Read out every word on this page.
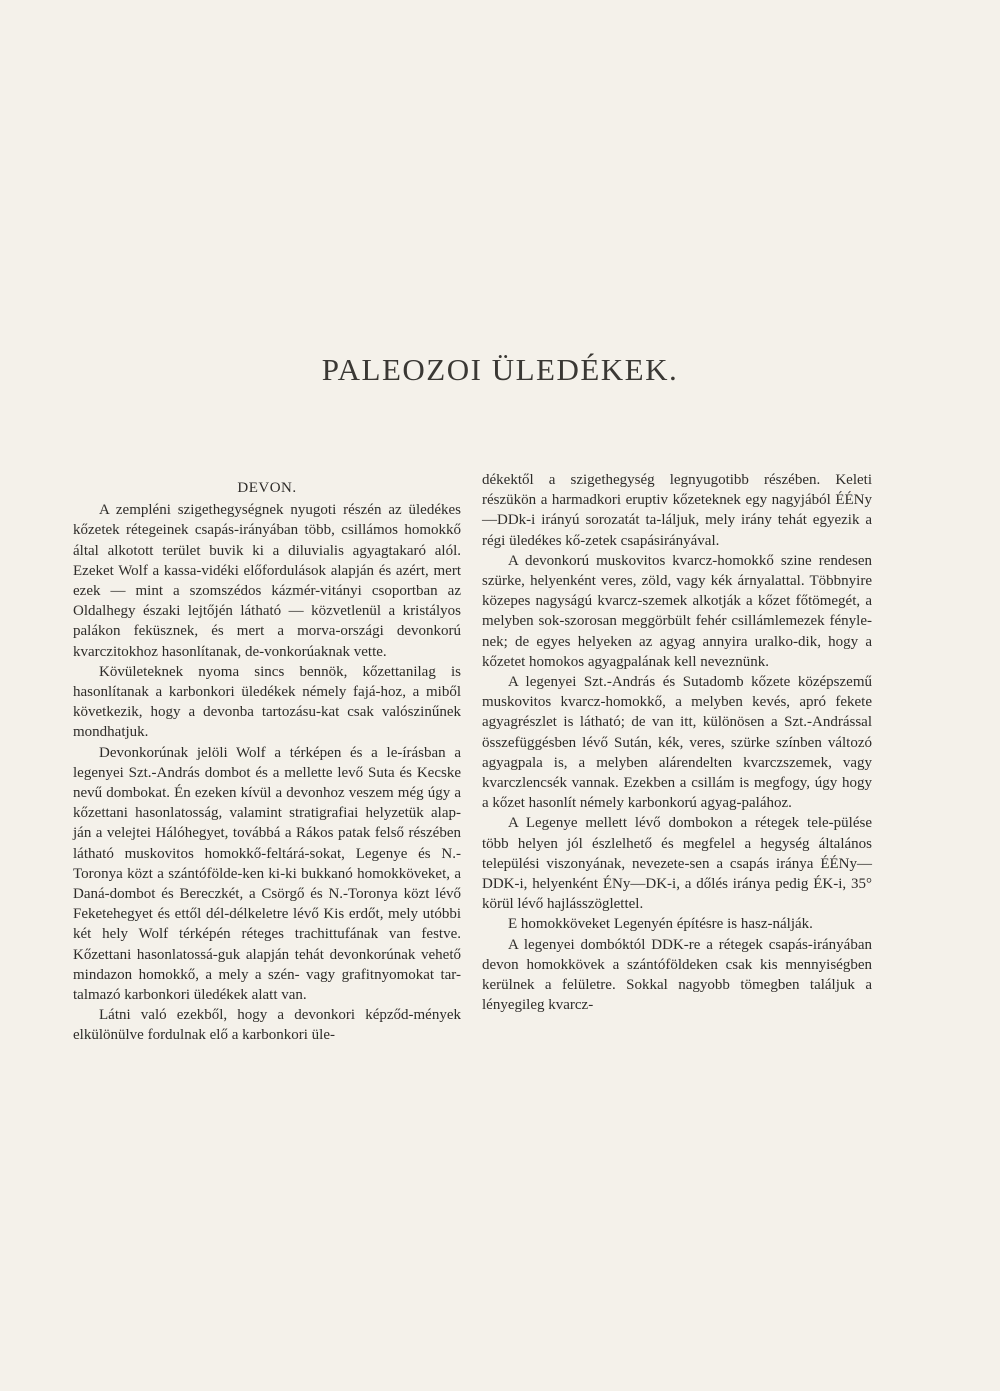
PALEOZOI ÜLEDÉKEK.
DEVON.

A zempléni szigethegységnek nyugoti részén az üledékes kőzetek rétegeinek csapás-irányában több, csillámos homokkő által alkotott terület buvik ki a diluvialis agyagtakaró alól. Ezeket Wolf a kassa-vidéki előfordulások alapján és azért, mert ezek — mint a szomszédos kázmér-vitányi csoportban az Oldalhegy északi lejtőjén látható — közvetlenül a kristályos palákon feküsznek, és mert a morva-országi devonkorú kvarczitokhoz hasonlítanak, de-vonkorúaknak vette.

Kövületeknek nyoma sincs bennök, kőzettanilag is hasonlítanak a karbonkori üledékek némely fajá-hoz, a miből következik, hogy a devonba tartozásu-kat csak valószinűnek mondhatjuk.

Devonkorúnak jelöli Wolf a térképen és a le-írásban a legenyei Szt.-András dombot és a mellette levő Suta és Kecske nevű dombokat. Én ezeken kívül a devonhoz veszem még úgy a kőzettani hasonlatosság, valamint stratigrafiai helyzetük alap-ján a velejtei Hálóhegyet, továbbá a Rákos patak felső részében látható muskovitos homokkő-feltárá-sokat, Legenye és N.-Toronya közt a szántófölde-ken ki-ki bukkanó homokköveket, a Daná-dombot és Bereczkét, a Csörgő és N.-Toronya közt lévő Feketehegyet és ettől dél-délkeletre lévő Kis erdőt, mely utóbbi két hely Wolf térképén réteges trachittufának van festve. Kőzettani hasonlatossá-guk alapján tehát devonkorúnak vehető mindazon homokkő, a mely a szén- vagy grafitnyomokat tar-talmazó karbonkori üledékek alatt van.

Látni való ezekből, hogy a devonkori képződ-mények elkülönülve fordulnak elő a karbonkori üle-

dékektől a szigethegység legnyugotibb részében. Keleti részükön a harmadkori eruptiv kőzeteknek egy nagyjából ÉÉNy—DDk-i irányú sorozatát ta-láljuk, mely irány tehát egyezik a régi üledékes kő-zetek csapásirányával.

A devonkorú muskovitos kvarcz-homokkő szine rendesen szürke, helyenként veres, zöld, vagy kék árnyalattal. Többnyire közepes nagyságú kvarcz-szemek alkotják a kőzet főtömegét, a melyben sok-szorosan meggörbült fehér csillámlemezek fényle-nek; de egyes helyeken az agyag annyira uralko-dik, hogy a kőzetet homokos agyagpalának kell neveznünk.

A legenyei Szt.-András és Sutadomb kőzete középszemű muskovitos kvarcz-homokkő, a melyben kevés, apró fekete agyagrészlet is látható; de van itt, különösen a Szt.-Andrással összefüggésben lévő Sután, kék, veres, szürke színben változó agyagpala is, a melyben alárendelten kvarczszemek, vagy kvarczlencsék vannak. Ezekben a csillám is megfogy, úgy hogy a kőzet hasonlít némely karbonkorú agyag-palához.

A Legenye mellett lévő dombokon a rétegek tele-pülése több helyen jól észlelhető és megfelel a hegység általános települési viszonyának, nevezete-sen a csapás iránya ÉÉNy—DDK-i, helyenként ÉNy—DK-i, a dőlés iránya pedig ÉK-i, 35° körül lévő hajlásszöglettel.

E homokköveket Legenyén építésre is hasz-nálják.

A legenyei dombóktól DDK-re a rétegek csapás-irányában devon homokkövek a szántóföldeken csak kis mennyiségben kerülnek a felületre. Sokkal nagyobb tömegben találjuk a lényegileg kvarcz-
